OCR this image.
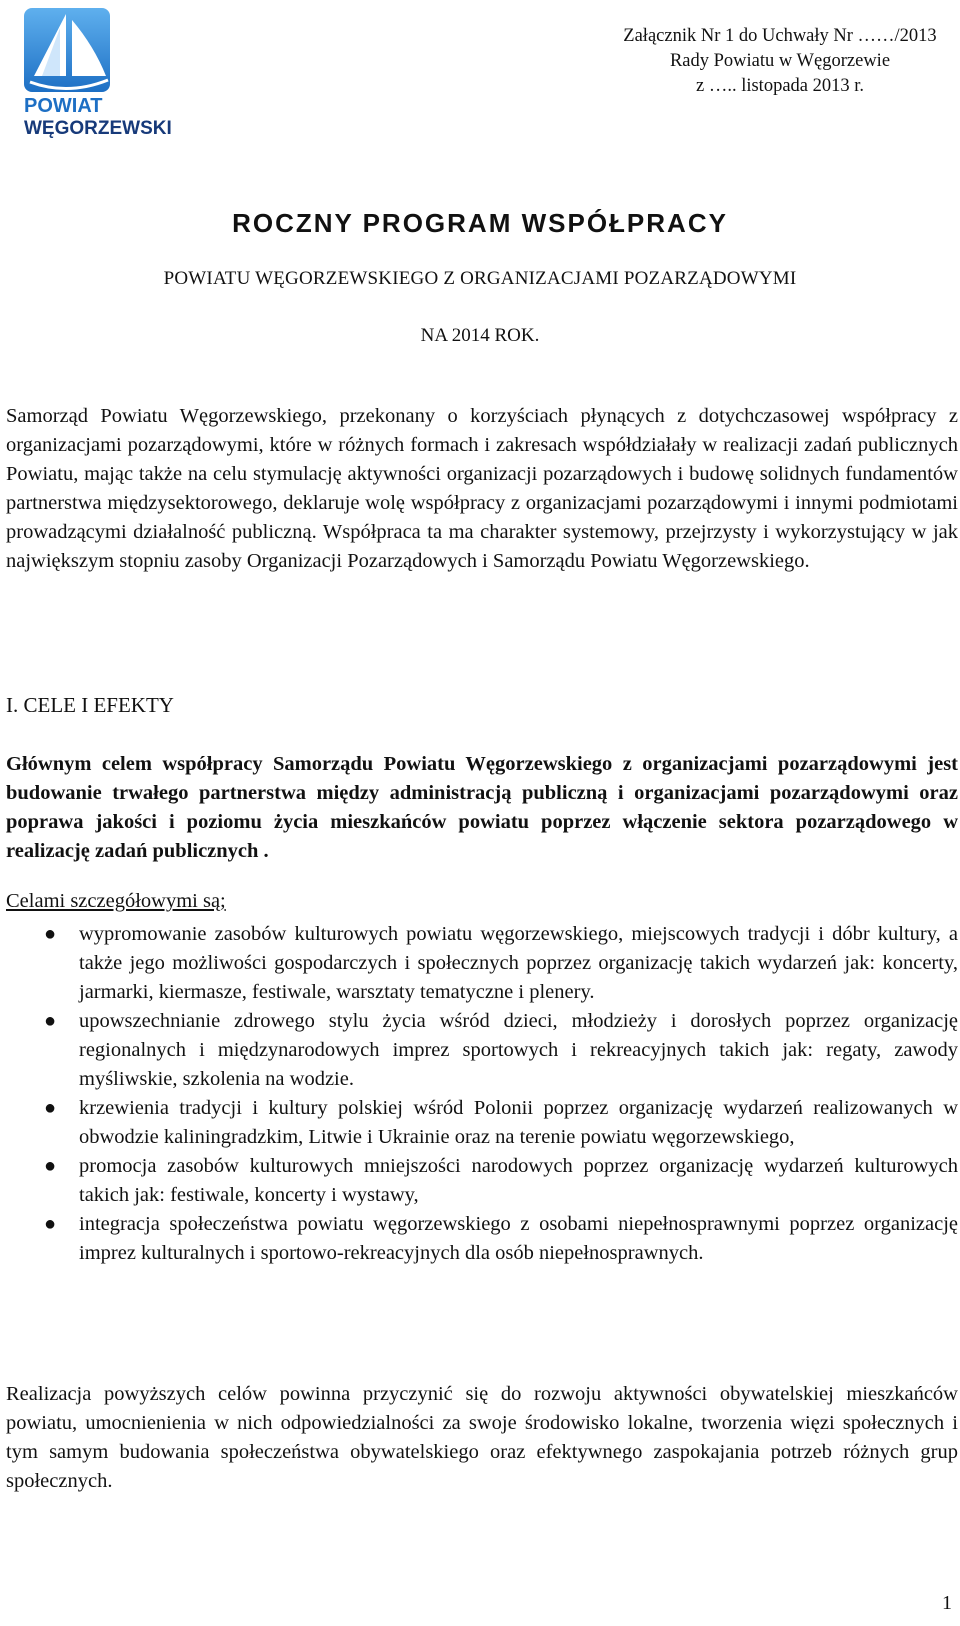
POWIAT
WĘGORZEWSKI
Załącznik Nr 1 do Uchwały Nr ……/2013
Rady Powiatu w Węgorzewie
z ….. listopada 2013 r.
ROCZNY PROGRAM WSPÓŁPRACY
POWIATU WĘGORZEWSKIEGO Z ORGANIZACJAMI POZARZĄDOWYMI
NA 2014 ROK.

Samorząd Powiatu Węgorzewskiego, przekonany o korzyściach płynących z dotychczasowej współpracy z organizacjami pozarządowymi, które w różnych formach i zakresach współdziałały w realizacji zadań publicznych Powiatu, mając także na celu stymulację aktywności organizacji pozarządowych i budowę solidnych fundamentów partnerstwa międzysektorowego, deklaruje wolę współpracy z organizacjami pozarządowymi i innymi podmiotami prowadzącymi działalność publiczną. Współpraca ta ma charakter systemowy, przejrzysty i wykorzystujący w jak największym stopniu zasoby Organizacji Pozarządowych i Samorządu Powiatu Węgorzewskiego.

I. CELE I EFEKTY

Głównym celem współpracy Samorządu Powiatu Węgorzewskiego z organizacjami pozarządowymi jest budowanie trwałego partnerstwa między administracją publiczną i organizacjami pozarządowymi oraz poprawa jakości i poziomu życia mieszkańców powiatu poprzez włączenie sektora pozarządowego w realizację zadań publicznych .

Celami szczegółowymi są;
● wypromowanie zasobów kulturowych powiatu węgorzewskiego, miejscowych tradycji i dóbr kultury, a także jego możliwości gospodarczych i społecznych poprzez organizację takich wydarzeń jak: koncerty, jarmarki, kiermasze, festiwale, warsztaty tematyczne i plenery.
● upowszechnianie zdrowego stylu życia wśród dzieci, młodzieży i dorosłych poprzez organizację regionalnych i międzynarodowych imprez sportowych i rekreacyjnych takich jak: regaty, zawody myśliwskie, szkolenia na wodzie.
● krzewienia tradycji i kultury polskiej wśród Polonii poprzez organizację wydarzeń realizowanych w obwodzie kaliningradzkim, Litwie i Ukrainie oraz na terenie powiatu węgorzewskiego,
● promocja zasobów kulturowych mniejszości narodowych poprzez organizację wydarzeń kulturowych takich jak: festiwale, koncerty i wystawy,
● integracja społeczeństwa powiatu węgorzewskiego z osobami niepełnosprawnymi poprzez organizację imprez kulturalnych i sportowo-rekreacyjnych dla osób niepełnosprawnych.

Realizacja powyższych celów powinna przyczynić się do rozwoju aktywności obywatelskiej mieszkańców powiatu, umocnienienia w nich odpowiedzialności za swoje środowisko lokalne, tworzenia więzi społecznych i tym samym budowania społeczeństwa obywatelskiego oraz efektywnego zaspokajania potrzeb różnych grup społecznych.

1
